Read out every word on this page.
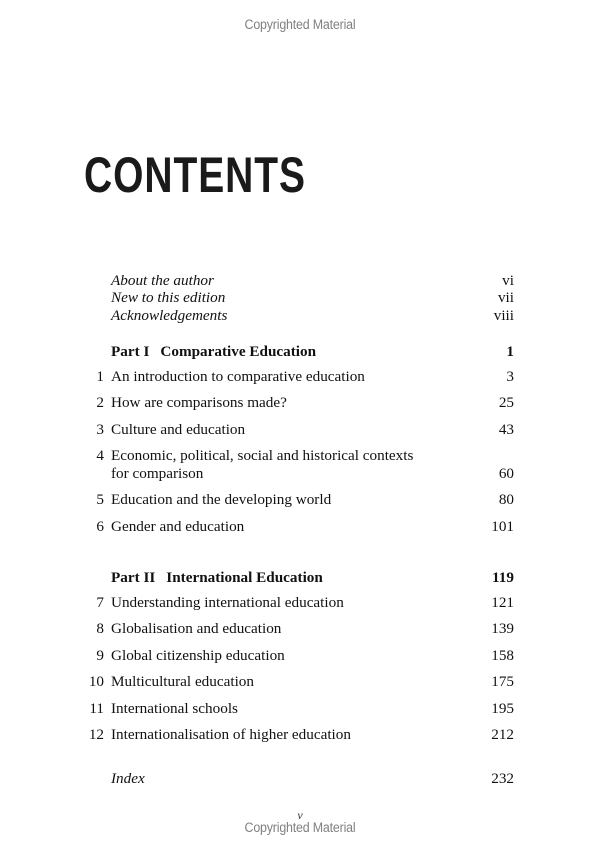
Copyrighted Material
CONTENTS
About the author	vi
New to this edition	vii
Acknowledgements	viii
Part I Comparative Education	1
1 An introduction to comparative education	3
2 How are comparisons made?	25
3 Culture and education	43
4 Economic, political, social and historical contexts
for comparison	60
5 Education and the developing world	80
6 Gender and education	101
Part II International Education	119
7 Understanding international education	121
8 Globalisation and education	139
9 Global citizenship education	158
10 Multicultural education	175
11 International schools	195
12 Internationalisation of higher education	212
Index	232
v
Copyrighted Material
